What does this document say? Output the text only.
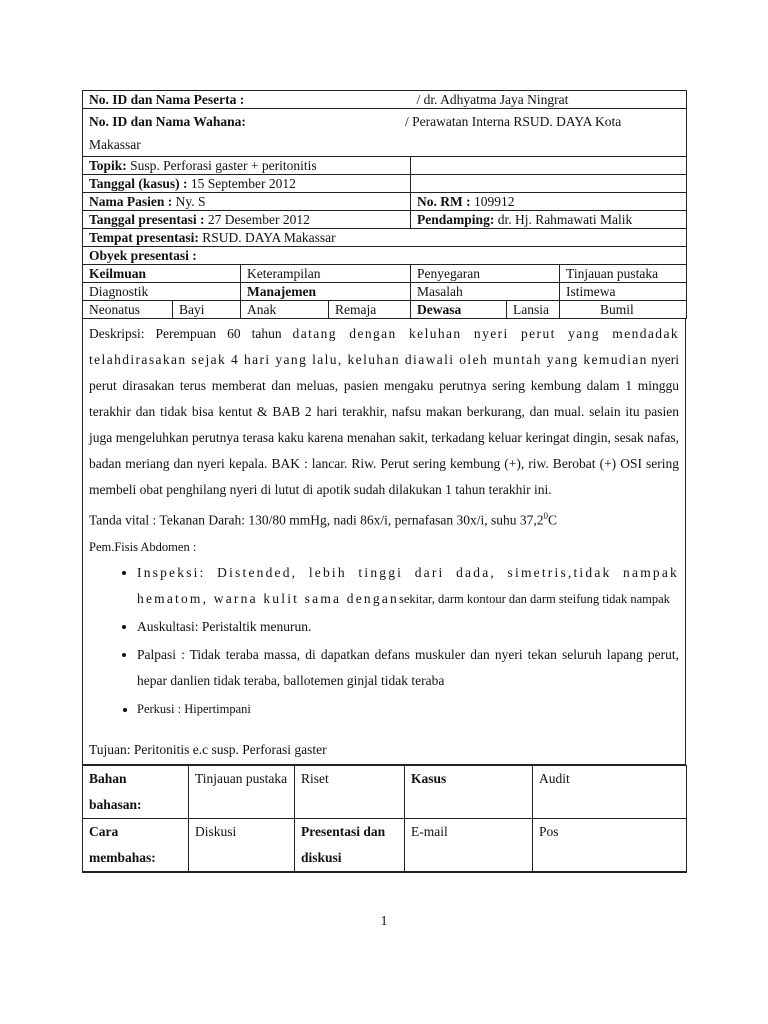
No. ID dan Nama Peserta :				/ dr. Adhyatma Jaya Ningrat		
No. ID dan Nama Wahana: / Perawatan Interna RSUD. DAYA Kota
Makassar						
Topik: Susp. Perforasi gaster + peritonitis						
Tanggal (kasus) : 15 September 2012						
Nama Pasien : Ny. S				No. RM : 109912		
Tanggal presentasi : 27 Desember 2012				Pendamping: dr. Hj. Rahmawati Malik		
Tempat presentasi: RSUD. DAYA Makassar						
Obyek presentasi :						
Keilmuan		Keterampilan		Penyegaran		Tinjauan pustaka
Diagnostik		Manajemen		Masalah		Istimewa
Neonatus	Bayi	Anak	Remaja	Dewasa	Lansia	Bumil

Deskripsi: Perempuan 60 tahun datang dengan keluhan nyeri perut yang mendadak telahdirasakan sejak 4 hari yang lalu, keluhan diawali oleh muntah yang kemudian nyeri perut dirasakan terus memberat dan meluas, pasien mengaku perutnya sering kembung dalam 1 minggu terakhir dan tidak bisa kentut & BAB 2 hari terakhir, nafsu makan berkurang, dan mual. selain itu pasien juga mengeluhkan perutnya terasa kaku karena menahan sakit, terkadang keluar keringat dingin, sesak nafas, badan meriang dan nyeri kepala. BAK : lancar. Riw. Perut sering kembung (+), riw. Berobat (+) OSI sering membeli obat penghilang nyeri di lutut di apotik sudah dilakukan 1 tahun terakhir ini.

Tanda vital : Tekanan Darah: 130/80 mmHg, nadi 86x/i, pernafasan 30x/i, suhu 37,2$^0$C

Pem.Fisis Abdomen :

• Inspeksi: Distended, lebih tinggi dari dada, simetris,tidak nampak hematom, warna kulit sama dengansekitar, darm kontour dan darm steifung tidak nampak
• Auskultasi: Peristaltik menurun.
• Palpasi : Tidak teraba massa, di dapatkan defans muskuler dan nyeri tekan seluruh lapang perut, hepar danlien tidak teraba, ballotemen ginjal tidak teraba
• Perkusi : Hipertimpani

Tujuan: Peritonitis e.c susp. Perforasi gaster

Bahan bahasan:	Tinjauan pustaka	Riset	Kasus	Audit
Cara membahas:	Diskusi	Presentasi dan diskusi	E-mail	Pos

1
